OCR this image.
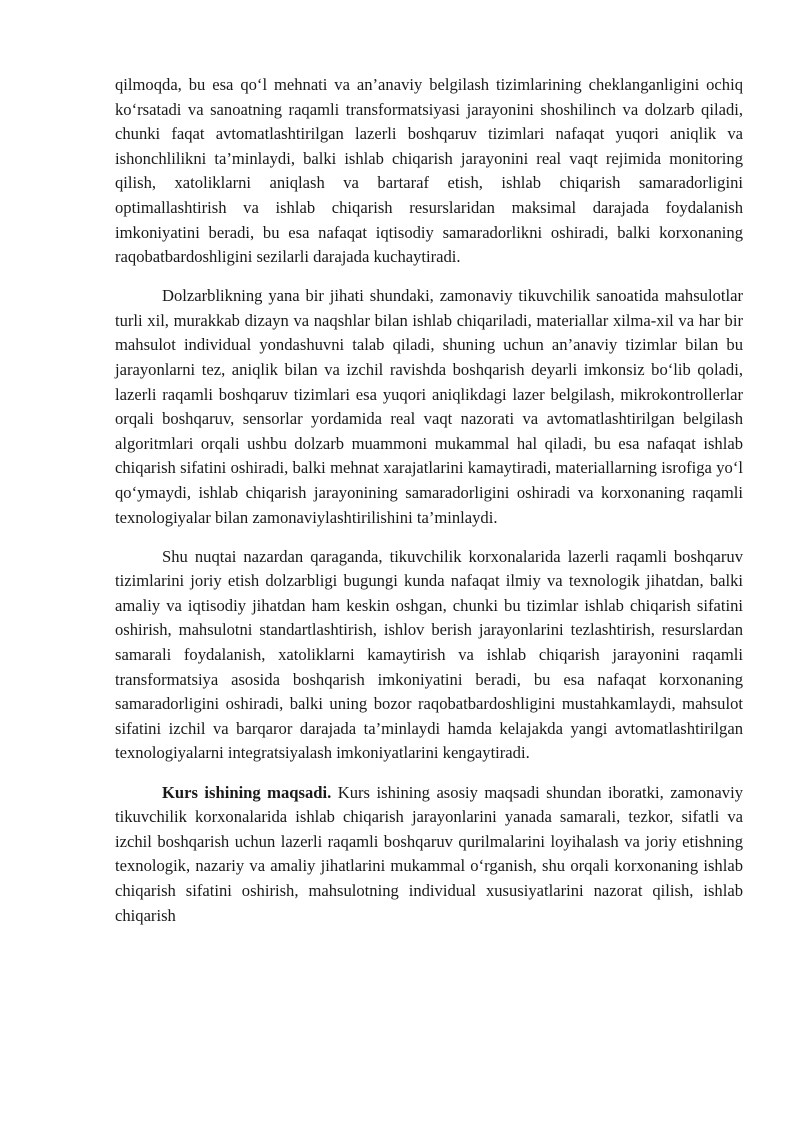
qilmoqda, bu esa qo‘l mehnati va an’anaviy belgilash tizimlarining cheklanganligini ochiq ko‘rsatadi va sanoatning raqamli transformatsiyasi jarayonini shoshilinch va dolzarb qiladi, chunki faqat avtomatlashtirilgan lazerli boshqaruv tizimlari nafaqat yuqori aniqlik va ishonchlilikni ta’minlaydi, balki ishlab chiqarish jarayonini real vaqt rejimida monitoring qilish, xatoliklarni aniqlash va bartaraf etish, ishlab chiqarish samaradorligini optimallashtirish va ishlab chiqarish resurslaridan maksimal darajada foydalanish imkoniyatini beradi, bu esa nafaqat iqtisodiy samaradorlikni oshiradi, balki korxonaning raqobatbardoshligini sezilarli darajada kuchaytiradi.

Dolzarblikning yana bir jihati shundaki, zamonaviy tikuvchilik sanoatida mahsulotlar turli xil, murakkab dizayn va naqshlar bilan ishlab chiqariladi, materiallar xilma-xil va har bir mahsulot individual yondashuvni talab qiladi, shuning uchun an’anaviy tizimlar bilan bu jarayonlarni tez, aniqlik bilan va izchil ravishda boshqarish deyarli imkonsiz bo‘lib qoladi, lazerli raqamli boshqaruv tizimlari esa yuqori aniqlikdagi lazer belgilash, mikrokontrollerlar orqali boshqaruv, sensorlar yordamida real vaqt nazorati va avtomatlashtirilgan belgilash algoritmlari orqali ushbu dolzarb muammoni mukammal hal qiladi, bu esa nafaqat ishlab chiqarish sifatini oshiradi, balki mehnat xarajatlarini kamaytiradi, materiallarning isrofiga yo‘l qo‘ymaydi, ishlab chiqarish jarayonining samaradorligini oshiradi va korxonaning raqamli texnologiyalar bilan zamonaviylashtirilishini ta’minlaydi.

Shu nuqtai nazardan qaraganda, tikuvchilik korxonalarida lazerli raqamli boshqaruv tizimlarini joriy etish dolzarbligi bugungi kunda nafaqat ilmiy va texnologik jihatdan, balki amaliy va iqtisodiy jihatdan ham keskin oshgan, chunki bu tizimlar ishlab chiqarish sifatini oshirish, mahsulotni standartlashtirish, ishlov berish jarayonlarini tezlashtirish, resurslardan samarali foydalanish, xatoliklarni kamaytirish va ishlab chiqarish jarayonini raqamli transformatsiya asosida boshqarish imkoniyatini beradi, bu esa nafaqat korxonaning samaradorligini oshiradi, balki uning bozor raqobatbardoshligini mustahkamlaydi, mahsulot sifatini izchil va barqaror darajada ta’minlaydi hamda kelajakda yangi avtomatlashtirilgan texnologiyalarni integratsiyalash imkoniyatlarini kengaytiradi.

Kurs ishining maqsadi. Kurs ishining asosiy maqsadi shundan iboratki, zamonaviy tikuvchilik korxonalarida ishlab chiqarish jarayonlarini yanada samarali, tezkor, sifatli va izchil boshqarish uchun lazerli raqamli boshqaruv qurilmalarini loyihalash va joriy etishning texnologik, nazariy va amaliy jihatlarini mukammal o‘rganish, shu orqali korxonaning ishlab chiqarish sifatini oshirish, mahsulotning individual xususiyatlarini nazorat qilish, ishlab chiqarish
